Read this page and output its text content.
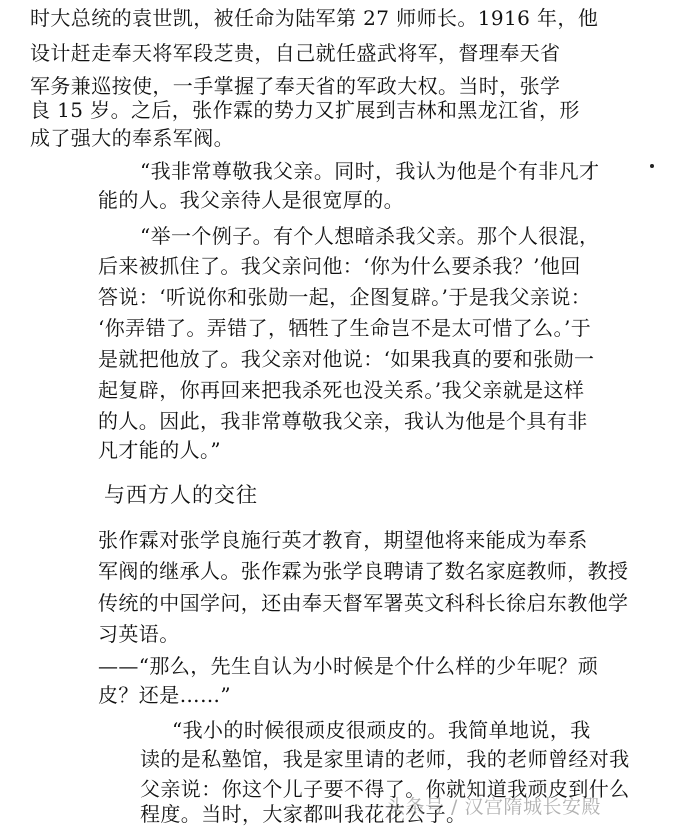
时大总统的袁世凯，被任命为陆军第 27 师师长。1916 年，他
设计赶走奉天将军段芝贵，自己就任盛武将军，督理奉天省
军务兼巡按使，一手掌握了奉天省的军政大权。当时，张学
良 15 岁。之后，张作霖的势力又扩展到吉林和黑龙江省，形
成了强大的奉系军阀。
“我非常尊敬我父亲。同时，我认为他是个有非凡才
能的人。我父亲待人是很宽厚的。
“举一个例子。有个人想暗杀我父亲。那个人很混，
后来被抓住了。我父亲问他：‘你为什么要杀我？’他回
答说：‘听说你和张勋一起，企图复辟。’于是我父亲说：
‘你弄错了。弄错了，牺牲了生命岂不是太可惜了么。’于
是就把他放了。我父亲对他说：‘如果我真的要和张勋一
起复辟，你再回来把我杀死也没关系。’我父亲就是这样
的人。因此，我非常尊敬我父亲，我认为他是个具有非
凡才能的人。”
与西方人的交往
张作霖对张学良施行英才教育，期望他将来能成为奉系
军阀的继承人。张作霖为张学良聘请了数名家庭教师，教授
传统的中国学问，还由奉天督军署英文科科长徐启东教他学
习英语。
——“那么，先生自认为小时候是个什么样的少年呢？顽
皮？还是……”
“我小的时候很顽皮很顽皮的。我简单地说，我
读的是私塾馆，我是家里请的老师，我的老师曾经对我
父亲说：你这个儿子要不得了。你就知道我顽皮到什么
程度。当时，大家都叫我花花公子。
头条号 / 汉宫隋城长安殿
